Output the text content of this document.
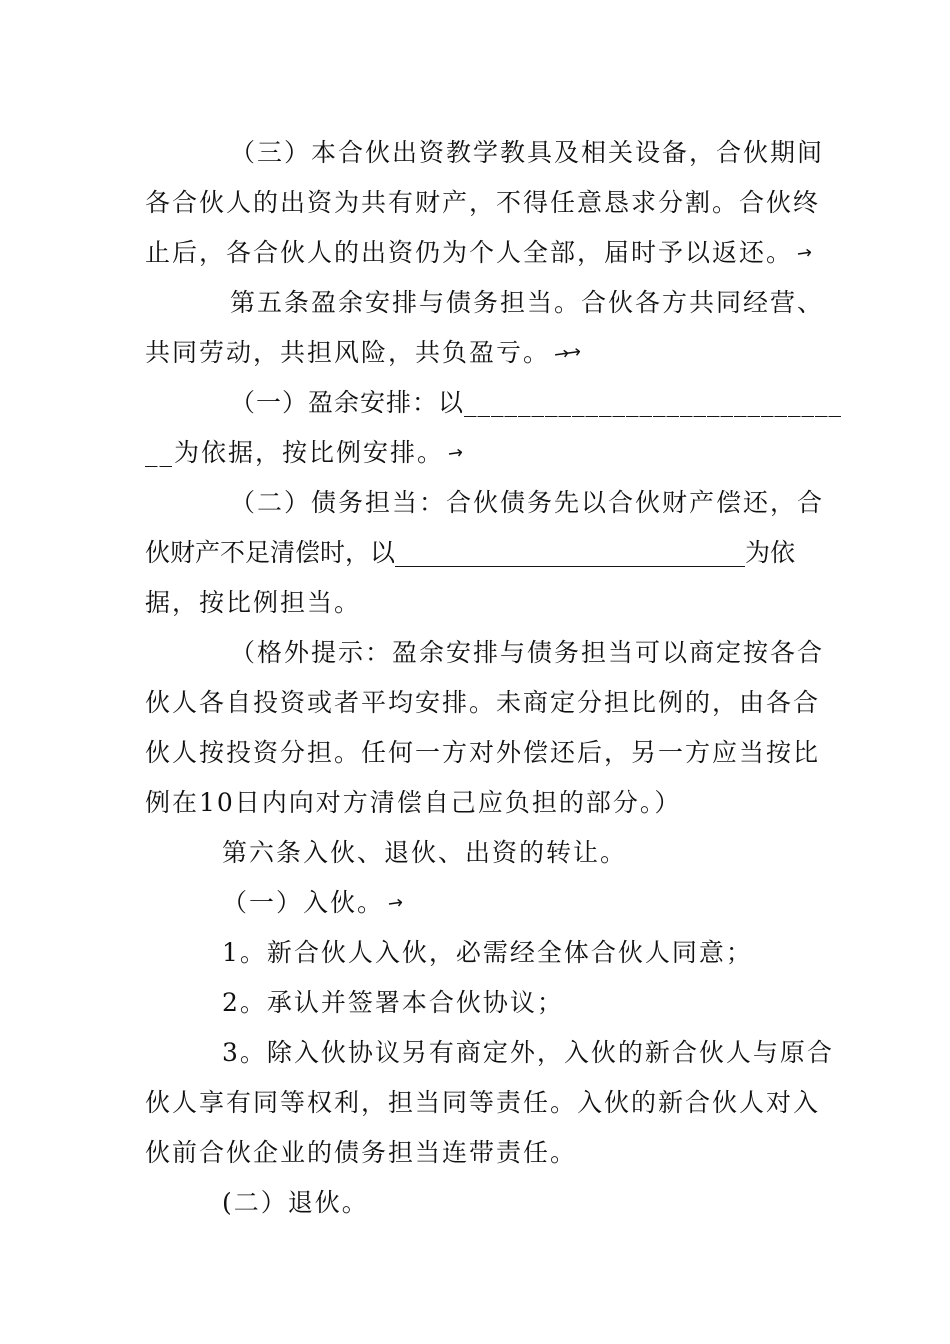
（三）本合伙出资教学教具及相关设备，合伙期间
各合伙人的出资为共有财产，不得任意恳求分割。合伙终
止后，各合伙人的出资仍为个人全部，届时予以返还。 →
第五条盈余安排与债务担当。合伙各方共同经营、
共同劳动，共担风险，共负盈亏。 →→
（一）盈余安排：以____________________________
__为依据，按比例安排。 →
（二）债务担当：合伙债务先以合伙财产偿还，合
伙财产不足清偿时，以____________________________为依
据，按比例担当。
（格外提示：盈余安排与债务担当可以商定按各合
伙人各自投资或者平均安排。未商定分担比例的，由各合
伙人按投资分担。任何一方对外偿还后，另一方应当按比
例在10日内向对方清偿自己应负担的部分。）
第六条入伙、退伙、出资的转让。
（一）入伙。 →
1。新合伙人入伙，必需经全体合伙人同意；
2。承认并签署本合伙协议；
3。除入伙协议另有商定外，入伙的新合伙人与原合
伙人享有同等权利，担当同等责任。入伙的新合伙人对入
伙前合伙企业的债务担当连带责任。
(二）退伙。
